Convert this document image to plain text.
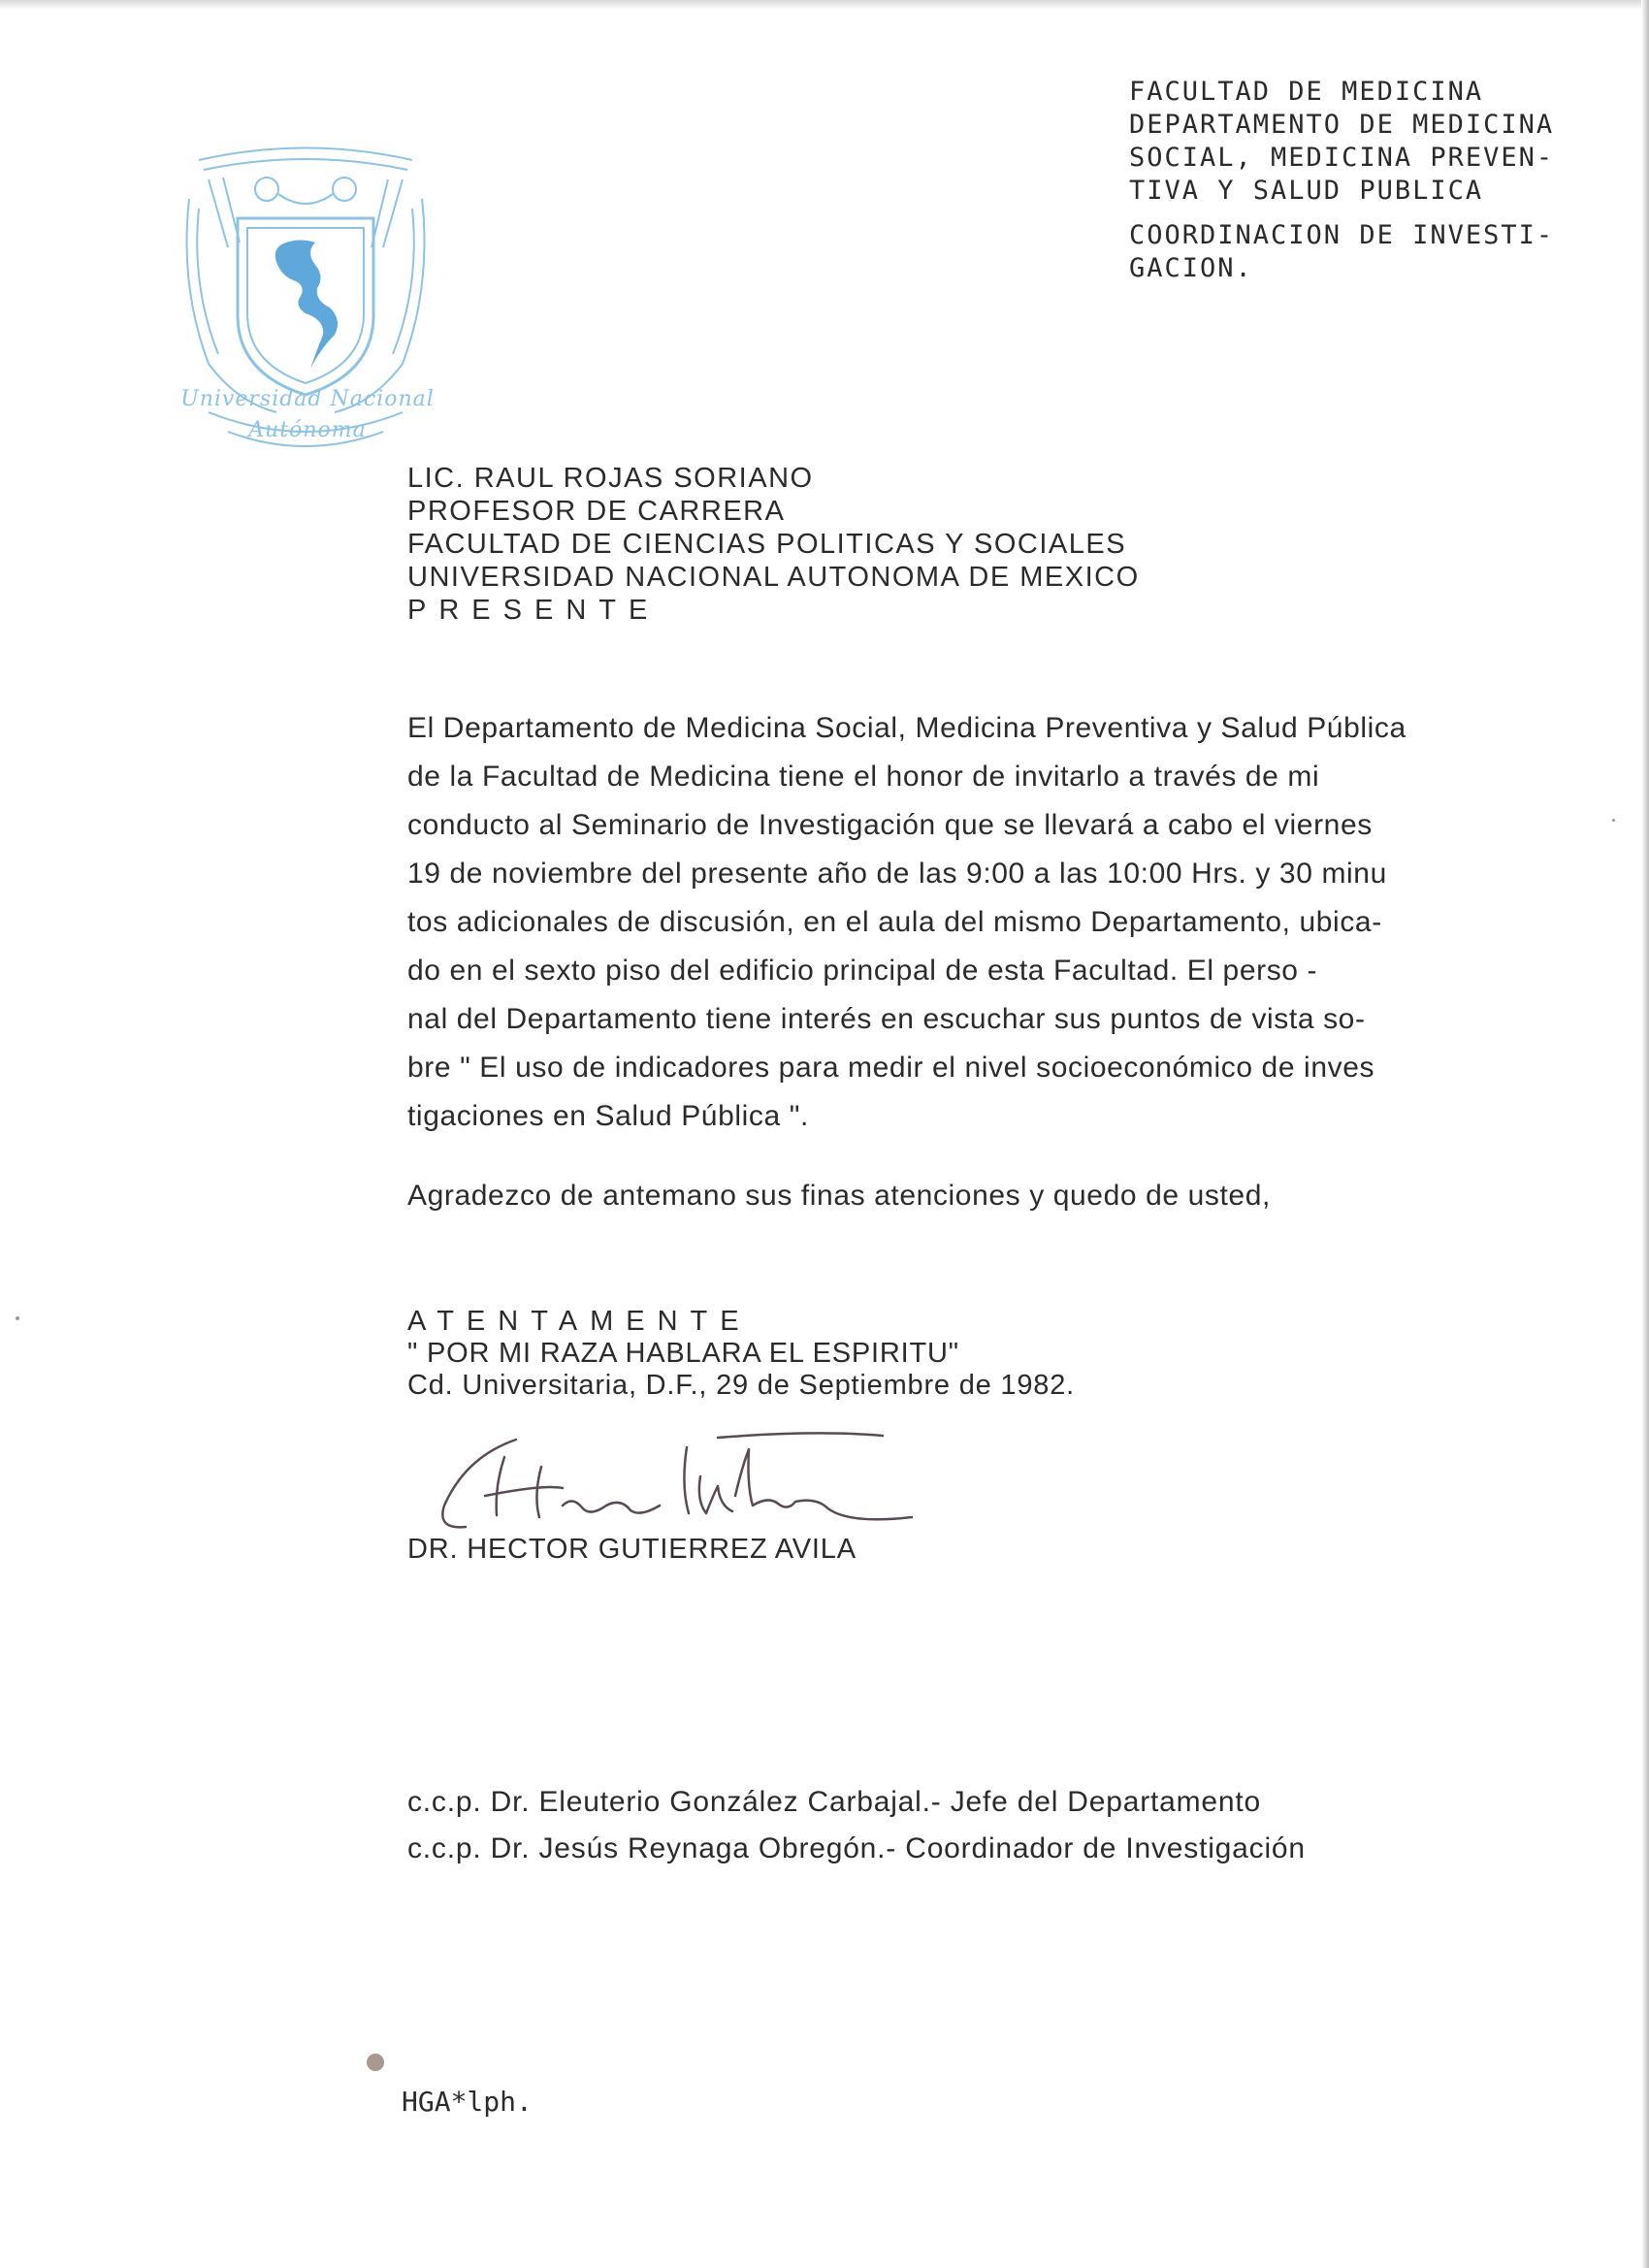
Universidad Nacional
Autónoma
FACULTAD DE MEDICINA
DEPARTAMENTO DE MEDICINA
SOCIAL, MEDICINA PREVEN-
TIVA Y SALUD PUBLICA
COORDINACION DE INVESTI-
GACION.
LIC. RAUL ROJAS SORIANO
PROFESOR DE CARRERA
FACULTAD DE CIENCIAS POLITICAS Y SOCIALES
UNIVERSIDAD NACIONAL AUTONOMA DE MEXICO
PRESENTE
El Departamento de Medicina Social, Medicina Preventiva y Salud Pública
de la Facultad de Medicina tiene el honor de invitarlo a través de mi
conducto al Seminario de Investigación que se llevará a cabo el viernes
19 de noviembre del presente año de las 9:00 a las 10:00 Hrs. y 30 minu
tos adicionales de discusión, en el aula del mismo Departamento, ubica-
do en el sexto piso del edificio principal de esta Facultad. El perso -
nal del Departamento tiene interés en escuchar sus puntos de vista so-
bre " El uso de indicadores para medir el nivel socioeconómico de inves
tigaciones en Salud Pública ".
Agradezco de antemano sus finas atenciones y quedo de usted,
ATENTAMENTE
" POR MI RAZA HABLARA EL ESPIRITU"
Cd. Universitaria, D.F., 29 de Septiembre de 1982.
DR. HECTOR GUTIERREZ AVILA
c.c.p. Dr. Eleuterio González Carbajal.- Jefe del Departamento
c.c.p. Dr. Jesús Reynaga Obregón.- Coordinador de Investigación
HGA*lph.
